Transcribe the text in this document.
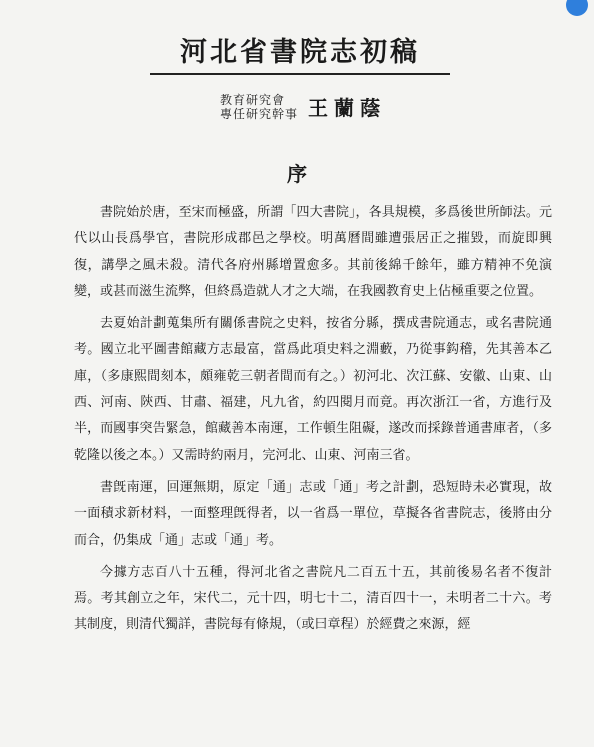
河北省書院志初稿
教育研究會
專任研究幹事 王蘭蔭
序

書院始於唐，至宋而極盛，所謂「四大書院」，各具規模，多爲後世所師法。元代以山長爲學官，書院形成郡邑之學校。明萬曆間雖遭張居正之摧毀，而旋即興復，講學之風未殺。清代各府州縣增置愈多。其前後綿千餘年，雖方精神不免演變，或甚而滋生流弊，但終爲造就人才之大端，在我國教育史上佔極重要之位置。

去夏始計劃蒐集所有關係書院之史料，按省分縣，撰成書院通志，或名書院通考。國立北平圖書館藏方志最富，當爲此項史料之淵藪，乃從事鈎稽，先其善本乙庫，（多康熙間刻本，頗雍乾三朝者間而有之。）初河北、次江蘇、安徽、山東、山西、河南、陝西、甘肅、福建，凡九省，約四閱月而竟。再次浙江一省，方進行及半，而國事突告緊急，館藏善本南運，工作頓生阻礙，遂改而採錄普通書庫者，（多乾隆以後之本。）又需時約兩月，完河北、山東、河南三省。

書旣南運，回運無期，原定「通」志或「通」考之計劃，恐短時未必實現，故一面積求新材料，一面整理旣得者，以一省爲一單位，草擬各省書院志，後將由分而合，仍集成「通」志或「通」考。

今據方志百八十五種，得河北省之書院凡二百五十五，其前後易名者不復計焉。考其創立之年，宋代二，元十四，明七十二，清百四十一，未明者二十六。考其制度，則清代獨詳，書院每有條規，（或曰章程）於經費之來源，經
